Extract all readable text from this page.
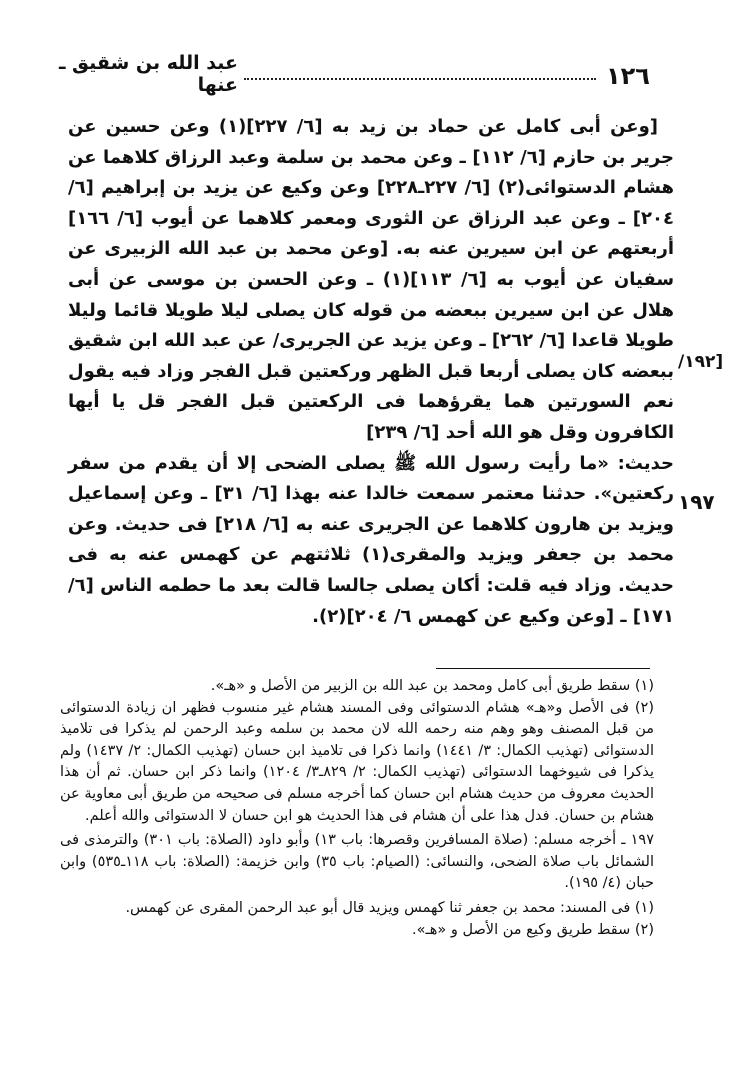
عبد الله بن شقيق ـ عنها	١٢٦
/١٩٢]
١٩٧

[وعن أبى كامل عن حماد بن زيد به [٦/ ٢٢٧](١) وعن حسين عن جرير بن حازم [٦/ ١١٢] ـ وعن محمد بن سلمة وعبد الرزاق كلاهما عن هشام الدستوائى(٢) [٦/ ٢٢٧ـ٢٢٨] وعن وكيع عن يزيد بن إبراهيم [٦/ ٢٠٤] ـ وعن عبد الرزاق عن الثورى ومعمر كلاهما عن أيوب [٦/ ١٦٦] أربعتهم عن ابن سيرين عنه به. [وعن محمد بن عبد الله الزبيرى عن سفيان عن أيوب به [٦/ ١١٣](١) ـ وعن الحسن بن موسى عن أبى هلال عن ابن سيرين ببعضه من قوله كان يصلى ليلا طويلا قائما وليلا طويلا قاعدا [٦/ ٢٦٢] ـ وعن يزيد عن الجريرى/ عن عبد الله ابن شقيق ببعضه كان يصلى أربعا قبل الظهر وركعتين قبل الفجر وزاد فيه يقول نعم السورتين هما يقرؤهما فى الركعتين قبل الفجر قل يا أيها الكافرون وقل هو الله أحد [٦/ ٢٣٩]

حديث: «ما رأيت رسول الله ﷺ يصلى الضحى إلا أن يقدم من سفر ركعتين». حدثنا معتمر سمعت خالدا عنه بهذا [٦/ ٣١] ـ وعن إسماعيل ويزيد بن هارون كلاهما عن الجريرى عنه به [٦/ ٢١٨] فى حديث. وعن محمد بن جعفر ويزيد والمقرى(١) ثلاثتهم عن كهمس عنه به فى حديث. وزاد فيه قلت: أكان يصلى جالسا قالت بعد ما حطمه الناس [٦/ ١٧١] ـ [وعن وكيع عن كهمس ٦/ ٢٠٤](٢).

(١) سقط طريق أبى كامل ومحمد بن عبد الله بن الزبير من الأصل و «هـ».

(٢) فى الأصل و«هـ» هشام الدستوائى وفى المسند هشام غير منسوب فظهر ان زيادة الدستوائى من قبل المصنف وهو وهم منه رحمه الله لان محمد بن سلمه وعبد الرحمن لم يذكرا فى تلاميذ الدستوائى (تهذيب الكمال: ٣/ ١٤٤١) وانما ذكرا فى تلاميذ ابن حسان (تهذيب الكمال: ٢/ ١٤٣٧) ولم يذكرا فى شيوخهما الدستوائى (تهذيب الكمال: ٢/ ٨٢٩ـ٣/ ١٢٠٤) وانما ذكر ابن حسان. ثم أن هذا الحديث معروف من حديث هشام ابن حسان كما أخرجه مسلم فى صحيحه من طريق أبى معاوية عن هشام بن حسان. فدل هذا على أن هشام فى هذا الحديث هو ابن حسان لا الدستوائى والله أعلم.

١٩٧ ـ أخرجه مسلم: (صلاة المسافرين وقصرها: باب ١٣) وأبو داود (الصلاة: باب ٣٠١) والترمذى فى الشمائل باب صلاة الضحى، والنسائى: (الصيام: باب ٣٥) وابن خزيمة: (الصلاة: باب ١١٨ـ٥٣٥) وابن حبان (٤/ ١٩٥).

(١) فى المسند: محمد بن جعفر ثنا كهمس ويزيد قال أبو عبد الرحمن المقرى عن كهمس.

(٢) سقط طريق وكيع من الأصل و «هـ».
